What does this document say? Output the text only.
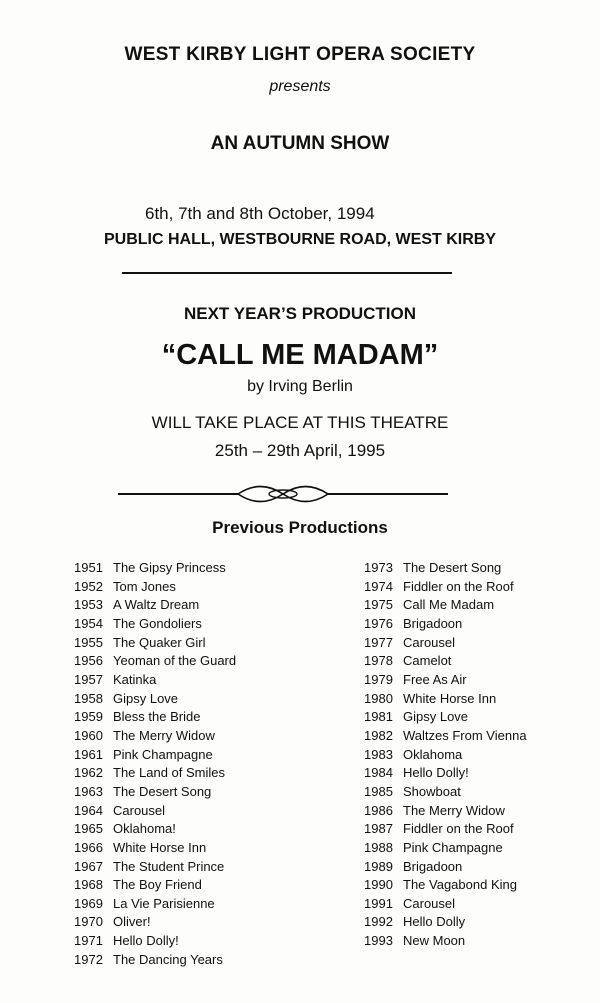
WEST KIRBY LIGHT OPERA SOCIETY
presents
AN AUTUMN SHOW
6th, 7th and 8th October, 1994
PUBLIC HALL, WESTBOURNE ROAD, WEST KIRBY
NEXT YEAR’S PRODUCTION
“CALL ME MADAM”
by Irving Berlin
WILL TAKE PLACE AT THIS THEATRE
25th – 29th April, 1995
Previous Productions
1951 The Gipsy Princess
1952 Tom Jones
1953 A Waltz Dream
1954 The Gondoliers
1955 The Quaker Girl
1956 Yeoman of the Guard
1957 Katinka
1958 Gipsy Love
1959 Bless the Bride
1960 The Merry Widow
1961 Pink Champagne
1962 The Land of Smiles
1963 The Desert Song
1964 Carousel
1965 Oklahoma!
1966 White Horse Inn
1967 The Student Prince
1968 The Boy Friend
1969 La Vie Parisienne
1970 Oliver!
1971 Hello Dolly!
1972 The Dancing Years
1973 The Desert Song
1974 Fiddler on the Roof
1975 Call Me Madam
1976 Brigadoon
1977 Carousel
1978 Camelot
1979 Free As Air
1980 White Horse Inn
1981 Gipsy Love
1982 Waltzes From Vienna
1983 Oklahoma
1984 Hello Dolly!
1985 Showboat
1986 The Merry Widow
1987 Fiddler on the Roof
1988 Pink Champagne
1989 Brigadoon
1990 The Vagabond King
1991 Carousel
1992 Hello Dolly
1993 New Moon
